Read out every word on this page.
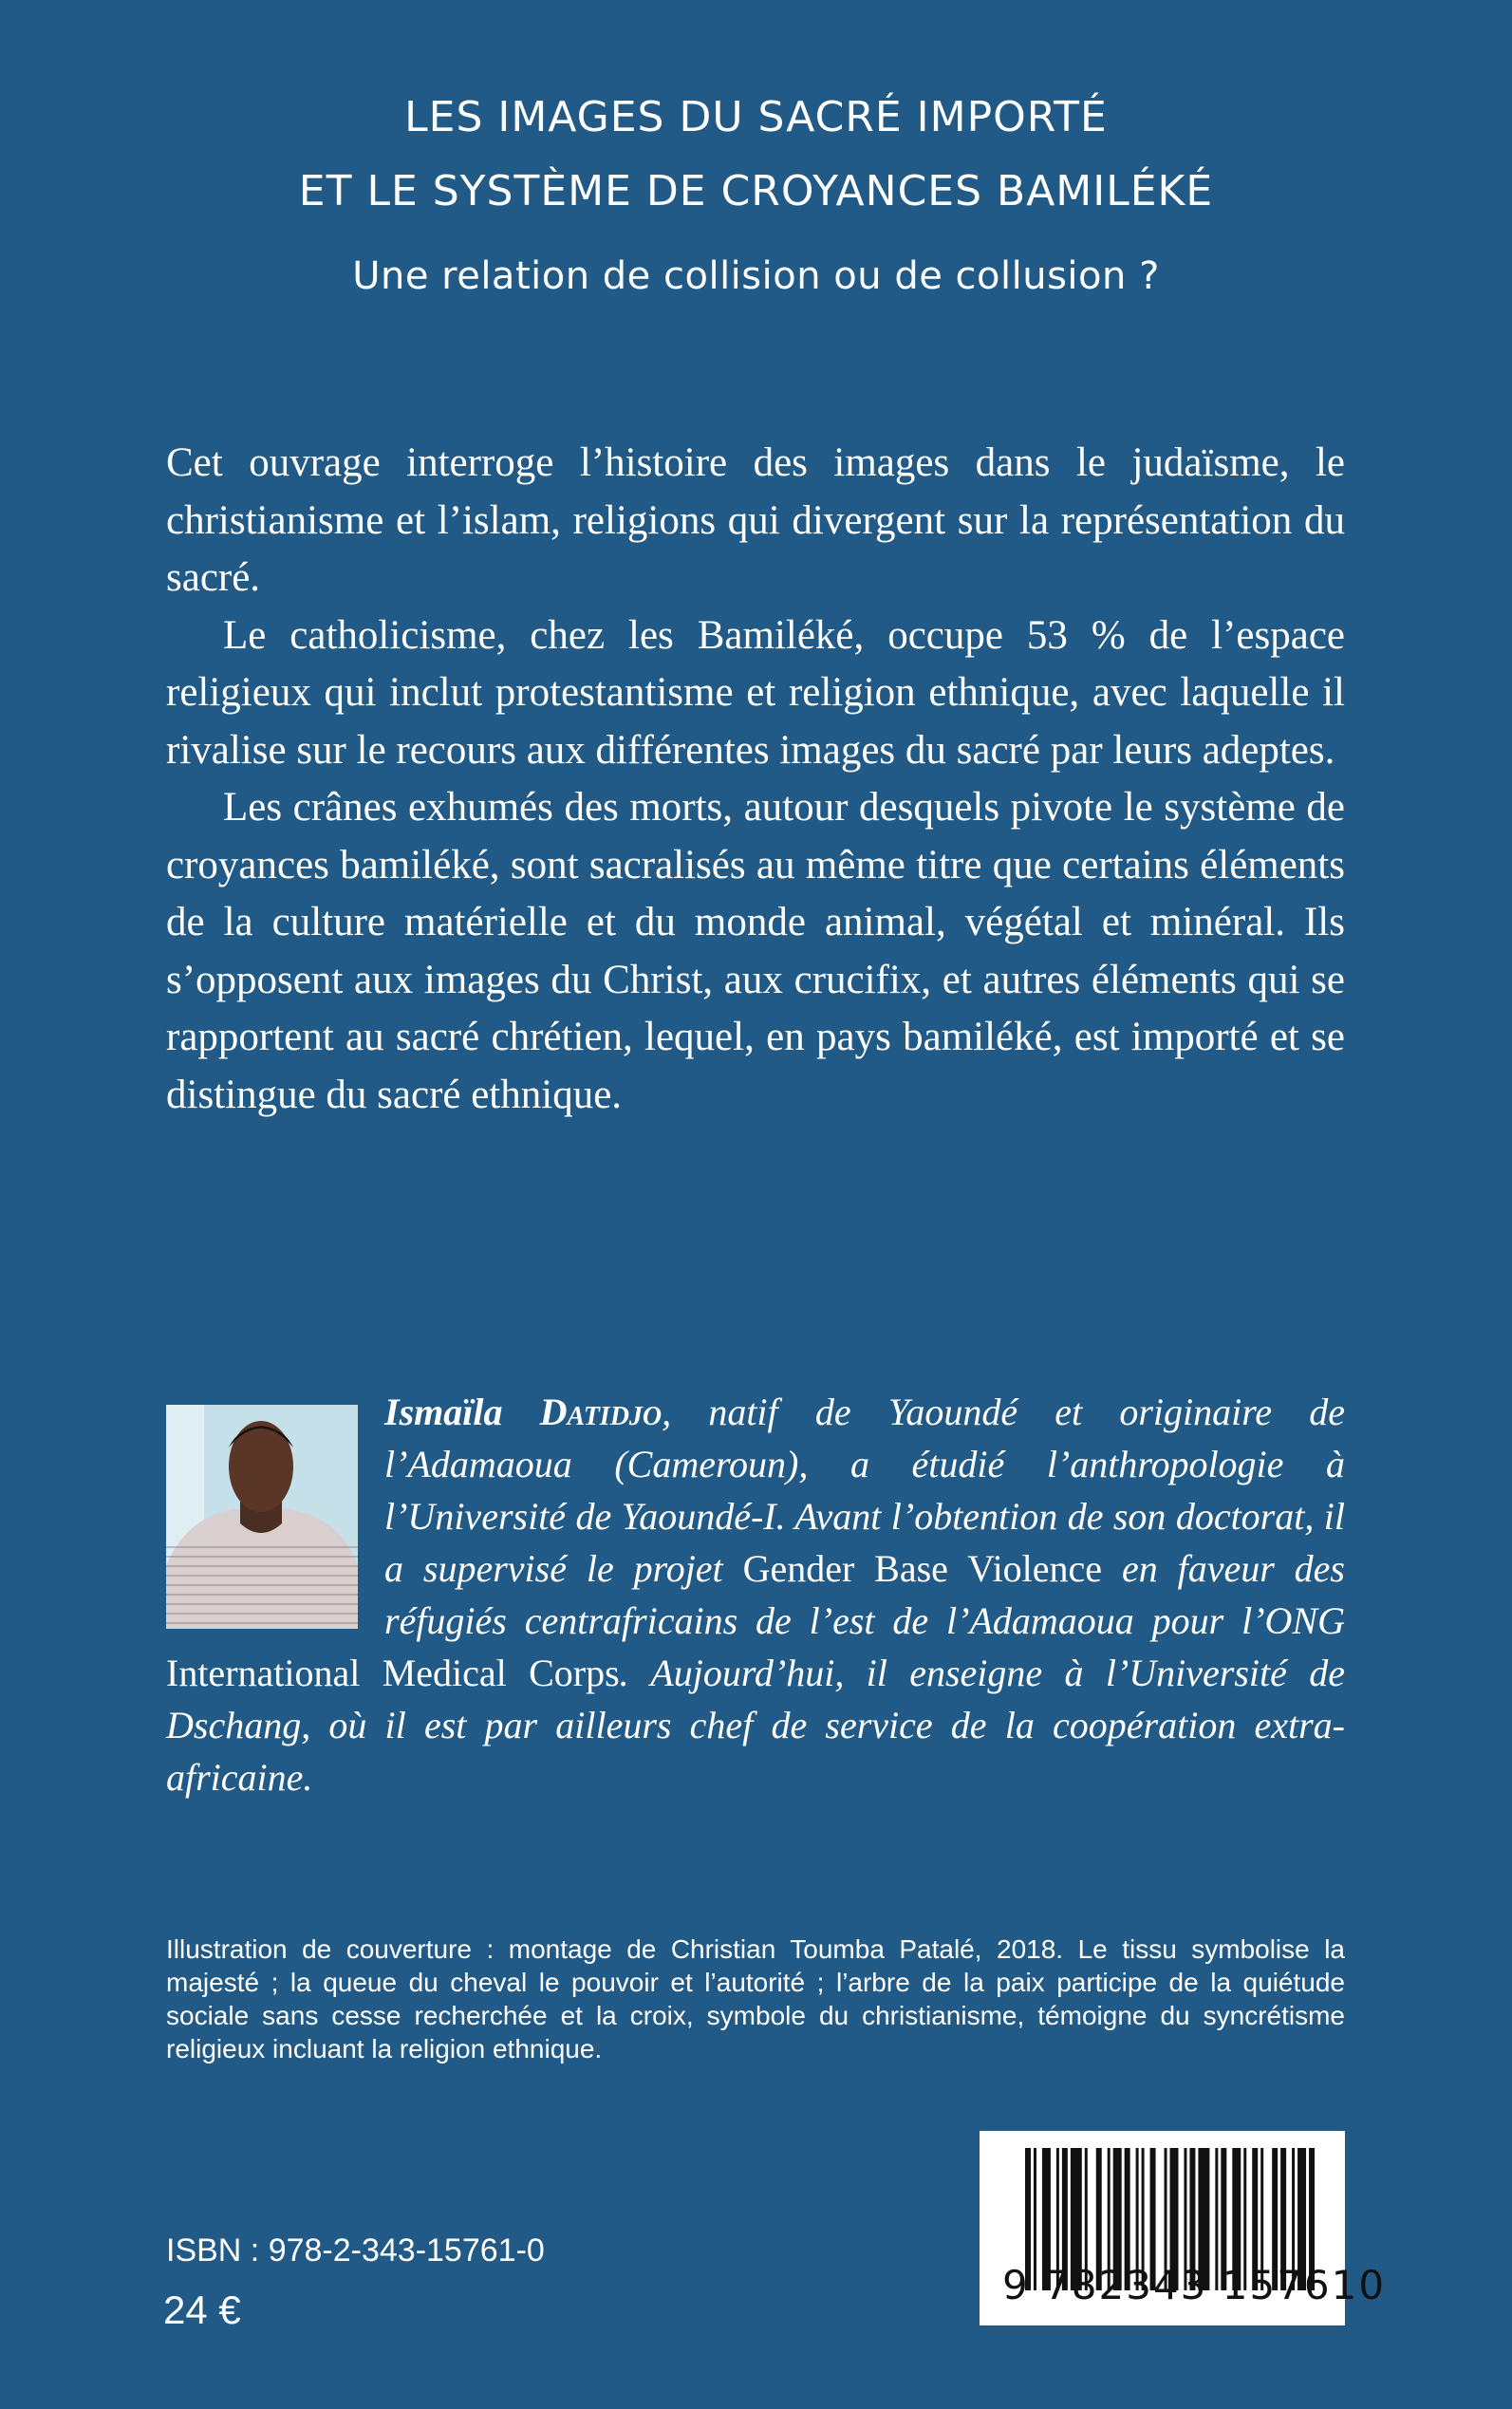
LES IMAGES DU SACRÉ IMPORTÉ
ET LE SYSTÈME DE CROYANCES BAMILÉKÉ
Une relation de collision ou de collusion ?

Cet ouvrage interroge l’histoire des images dans le judaïsme, le christianisme et l’islam, religions qui divergent sur la représentation du sacré.

Le catholicisme, chez les Bamiléké, occupe 53 % de l’espace religieux qui inclut protestantisme et religion ethnique, avec laquelle il rivalise sur le recours aux différentes images du sacré par leurs adeptes.

Les crânes exhumés des morts, autour desquels pivote le système de croyances bamiléké, sont sacralisés au même titre que certains éléments de la culture matérielle et du monde animal, végétal et minéral. Ils s’opposent aux images du Christ, aux crucifix, et autres éléments qui se rapportent au sacré chrétien, lequel, en pays bamiléké, est importé et se distingue du sacré ethnique.

Ismaïla Datidjo, natif de Yaoundé et originaire de l’Adamaoua (Cameroun), a étudié l’anthropologie à l’Université de Yaoundé-I. Avant l’obtention de son doctorat, il a supervisé le projet Gender Base Violence en faveur des réfugiés centrafricains de l’est de l’Adamaoua pour l’ONG International Medical Corps. Aujourd’hui, il enseigne à l’Université de Dschang, où il est par ailleurs chef de service de la coopération extra-africaine.
Illustration de couverture : montage de Christian Toumba Patalé, 2018. Le tissu symbolise la majesté ; la queue du cheval le pouvoir et l’autorité ; l’arbre de la paix participe de la quiétude sociale sans cesse recherchée et la croix, symbole du christianisme, témoigne du syncrétisme religieux incluant la religion ethnique.
ISBN : 978-2-343-15761-0
24 €
9 782343 157610
